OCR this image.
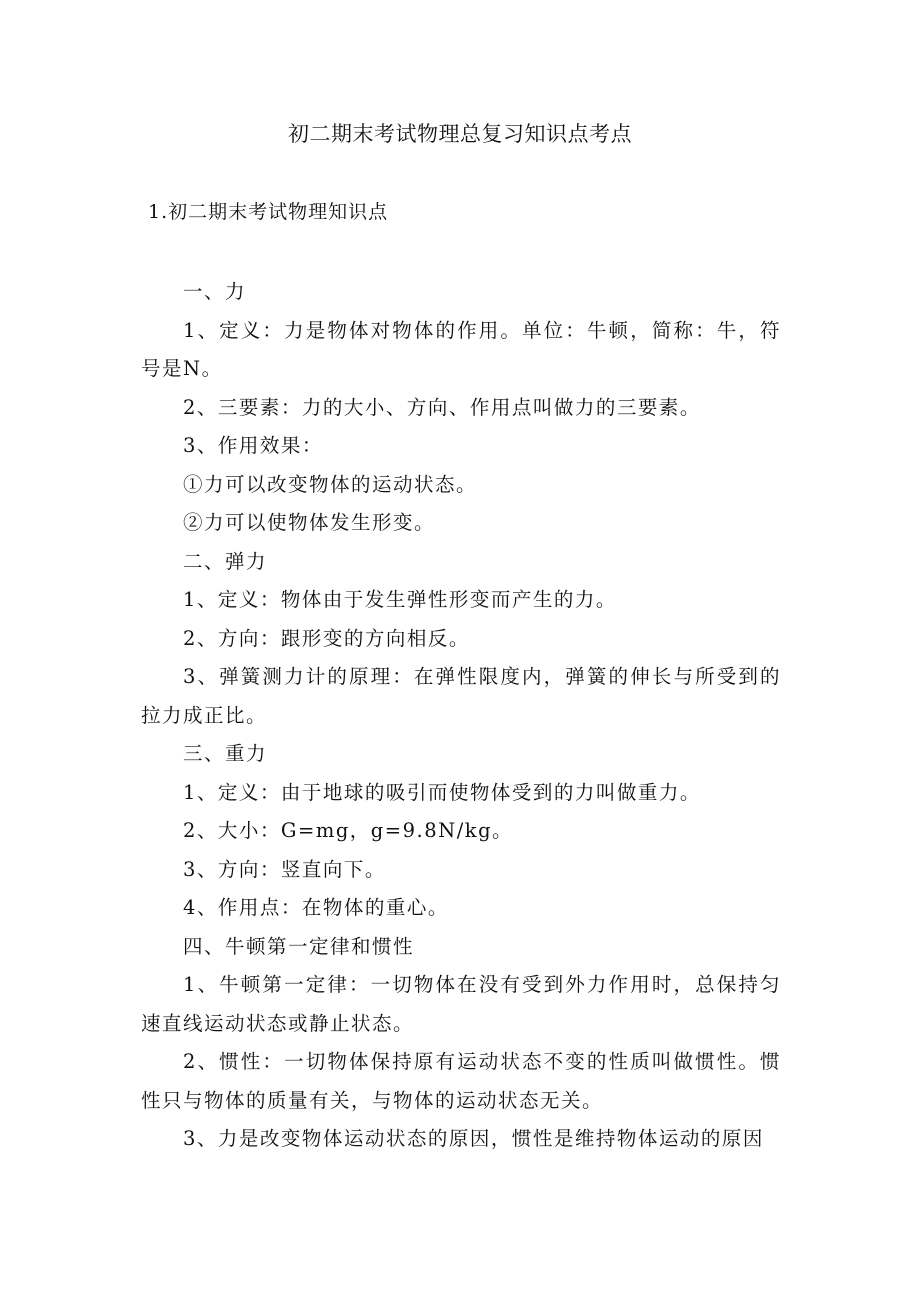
初二期末考试物理总复习知识点考点
1.初二期末考试物理知识点

一、力

1、定义：力是物体对物体的作用。单位：牛顿，简称：牛，符号是N。

2、三要素：力的大小、方向、作用点叫做力的三要素。

3、作用效果：

①力可以改变物体的运动状态。

②力可以使物体发生形变。

二、弹力

1、定义：物体由于发生弹性形变而产生的力。

2、方向：跟形变的方向相反。

3、弹簧测力计的原理：在弹性限度内，弹簧的伸长与所受到的拉力成正比。

三、重力

1、定义：由于地球的吸引而使物体受到的力叫做重力。

2、大小：G=mg，g=9.8N/kg。

3、方向：竖直向下。

4、作用点：在物体的重心。

四、牛顿第一定律和惯性

1、牛顿第一定律：一切物体在没有受到外力作用时，总保持匀速直线运动状态或静止状态。

2、惯性：一切物体保持原有运动状态不变的性质叫做惯性。惯性只与物体的质量有关，与物体的运动状态无关。

3、力是改变物体运动状态的原因，惯性是维持物体运动的原因
